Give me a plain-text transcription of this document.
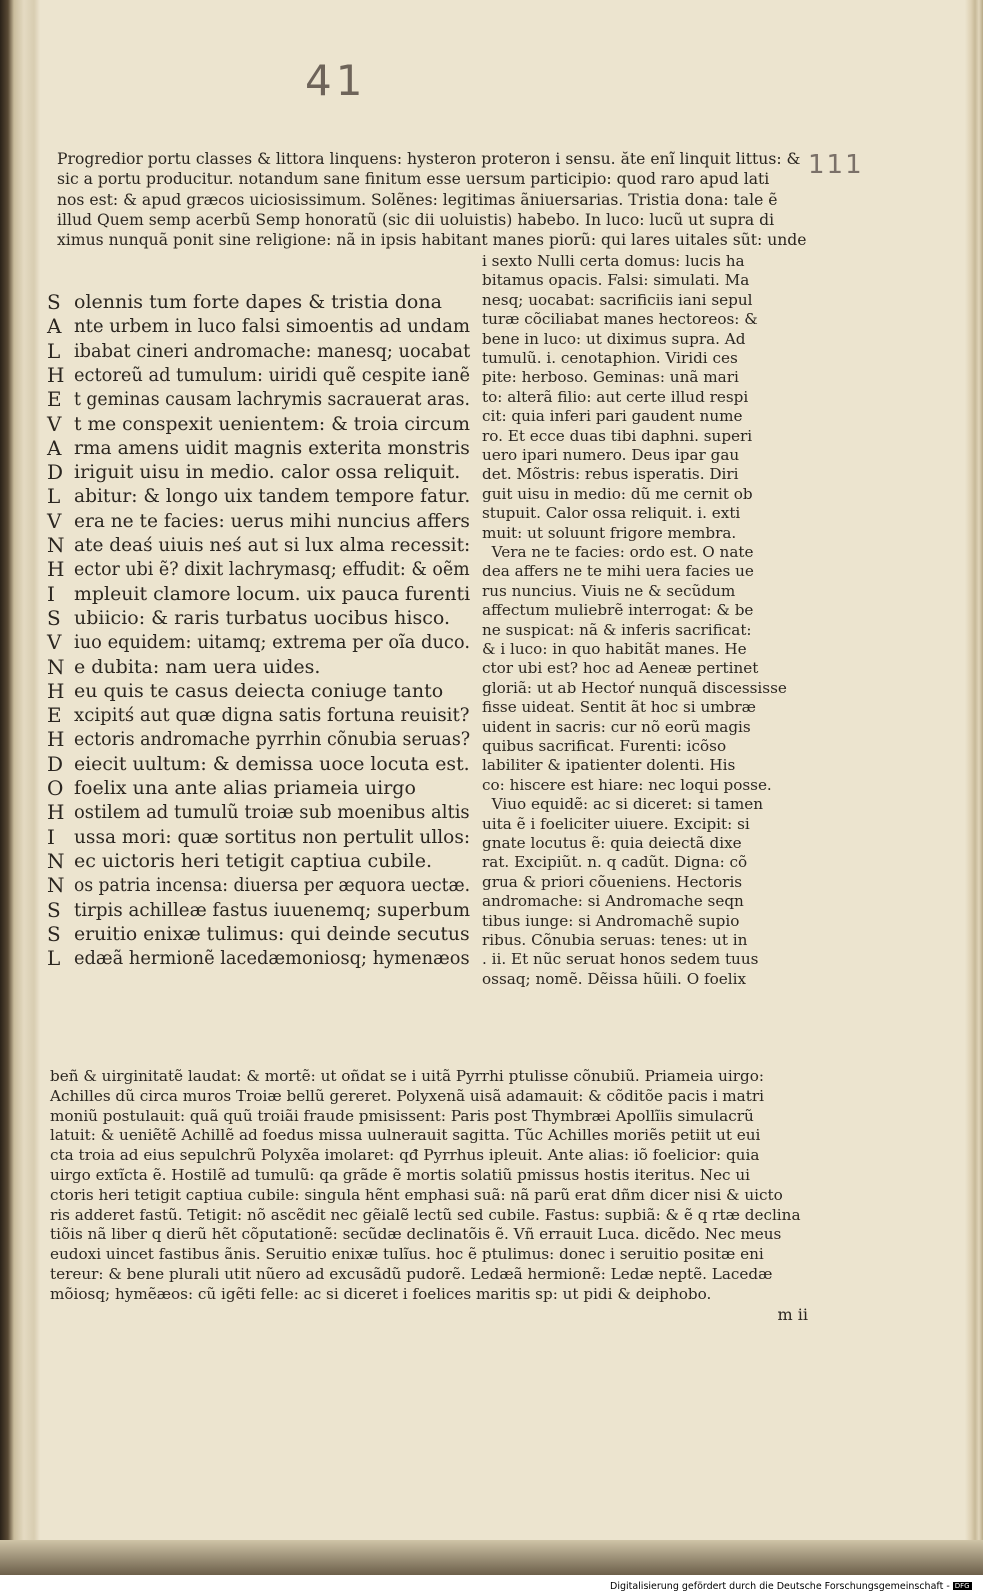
41
111
Progredior portu classes & littora linquens: hysteron proteron i sensu. ăte enĩ linquit littus: &
sic a portu producitur. notandum sane finitum esse uersum participio: quod raro apud lati
nos est: & apud græcos uiciosissimum. Solẽnes: legitimas ãniuersarias. Tristia dona: tale ẽ
illud Quem semp acerbũ Semp honoratũ (sic dii uoluistis) habebo. In luco: lucũ ut supra di
ximus nunquã ponit sine religione: nã in ipsis habitant manes piorũ: qui lares uitales sũt: unde
i sexto Nulli certa domus: lucis ha
bitamus opacis. Falsi: simulati. Ma
nesq; uocabat: sacrificiis iani sepul
turæ cõciliabat manes hectoreos: &
bene in luco: ut diximus supra. Ad
tumulũ. i. cenotaphion. Viridi ces
pite: herboso. Geminas: unã mari
to: alterã filio: aut certe illud respi
cit: quia inferi pari gaudent nume
ro. Et ecce duas tibi daphni. superi
uero ipari numero. Deus ipar gau
det. Mõstris: rebus isperatis. Diri
guit uisu in medio: dũ me cernit ob
stupuit. Calor ossa reliquit. i. exti
muit: ut soluunt frigore membra.
Vera ne te facies: ordo est. O nate
dea affers ne te mihi uera facies ue
rus nuncius. Viuis ne & secũdum
affectum muliebrẽ interrogat: & be
ne suspicat: nã & inferis sacrificat:
& i luco: in quo habitãt manes. He
ctor ubi est? hoc ad Aeneæ pertinet
gloriã: ut ab Hectoŕ nunquã discessisse
fisse uideat. Sentit ãt hoc si umbræ
uident in sacris: cur nõ eorũ magis
quibus sacrificat. Furenti: icõso
labiliter & ipatienter dolenti. His
co: hiscere est hiare: nec loqui posse.
Viuo equidẽ: ac si diceret: si tamen
uita ẽ i foeliciter uiuere. Excipit: si
gnate locutus ẽ: quia deiectã dixe
rat. Excipiũt. n. q cadũt. Digna: cõ
grua & priori cõueniens. Hectoris
andromache: si Andromache seqn
tibus iunge: si Andromachẽ supio
ribus. Cõnubia seruas: tenes: ut in
. ii. Et nũc seruat honos sedem tuus
ossaq; nomẽ. Dẽissa hũili. O foelix
S olennis tum forte dapes & tristia dona
A nte urbem in luco falsi simoentis ad undam
L ibabat cineri andromache: manesq; uocabat
H ectoreũ ad tumulum: uiridi quẽ cespite ianẽ
E t geminas causam lachrymis sacrauerat aras.
V t me conspexit uenientem: & troia circum
A rma amens uidit magnis exterita monstris
D iriguit uisu in medio. calor ossa reliquit.
L abitur: & longo uix tandem tempore fatur.
V era ne te facies: uerus mihi nuncius affers
N ate deaś uiuis neś aut si lux alma recessit:
H ector ubi ẽ? dixit lachrymasq; effudit: & oẽm
I mpleuit clamore locum. uix pauca furenti
S ubiicio: & raris turbatus uocibus hisco.
V iuo equidem: uitamq; extrema per oĩa duco.
N e dubita: nam uera uides.
H eu quis te casus deiecta coniuge tanto
E xcipitś aut quæ digna satis fortuna reuisit?
H ectoris andromache pyrrhin cõnubia seruas?
D eiecit uultum: & demissa uoce locuta est.
O foelix una ante alias priameia uirgo
H ostilem ad tumulũ troiæ sub moenibus altis
I ussa mori: quæ sortitus non pertulit ullos:
N ec uictoris heri tetigit captiua cubile.
N os patria incensa: diuersa per æquora uectæ.
S tirpis achilleæ fastus iuuenemq; superbum
S eruitio enixæ tulimus: qui deinde secutus
L edæã hermionẽ lacedæmoniosq; hymenæos
beñ & uirginitatẽ laudat: & mortẽ: ut oñdat se i uitã Pyrrhi ptulisse cõnubiũ. Priameia uirgo:
Achilles dũ circa muros Troiæ bellũ gereret. Polyxenã uisã adamauit: & cõditõe pacis i matri
moniũ postulauit: quã quũ troiãi fraude pmisissent: Paris post Thymbræi Apollĩis simulacrũ
latuit: & ueniẽtẽ Achillẽ ad foedus missa uulnerauit sagitta. Tũc Achilles moriẽs petiit ut eui
cta troia ad eius sepulchrũ Polyxẽa imolaret: qđ Pyrrhus ipleuit. Ante alias: iõ foelicior: quia
uirgo extĩcta ẽ. Hostilẽ ad tumulũ: qa grãde ẽ mortis solatiũ pmissus hostis iteritus. Nec ui
ctoris heri tetigit captiua cubile: singula hẽnt emphasi suã: nã parũ erat dñm dicer nisi & uicto
ris adderet fastũ. Tetigit: nõ ascẽdit nec gẽialẽ lectũ sed cubile. Fastus: supbiã: & ẽ q rtæ declina
tiõis nã liber q dierũ hẽt cõputationẽ: secũdæ declinatõis ẽ. Vñ errauit Luca. dicẽdo. Nec meus
eudoxi uincet fastibus ãnis. Seruitio enixæ tulĩus. hoc ẽ ptulimus: donec i seruitio positæ eni
tereur: & bene plurali utit nũero ad excusãdũ pudorẽ. Ledæã hermionẽ: Ledæ neptẽ. Lacedæ
mõiosq; hymẽæos: cũ igẽti felle: ac si diceret i foelices maritis sp: ut pidi & deiphobo.
m ii
Digitalisierung gefördert durch die Deutsche Forschungsgemeinschaft - DFG
